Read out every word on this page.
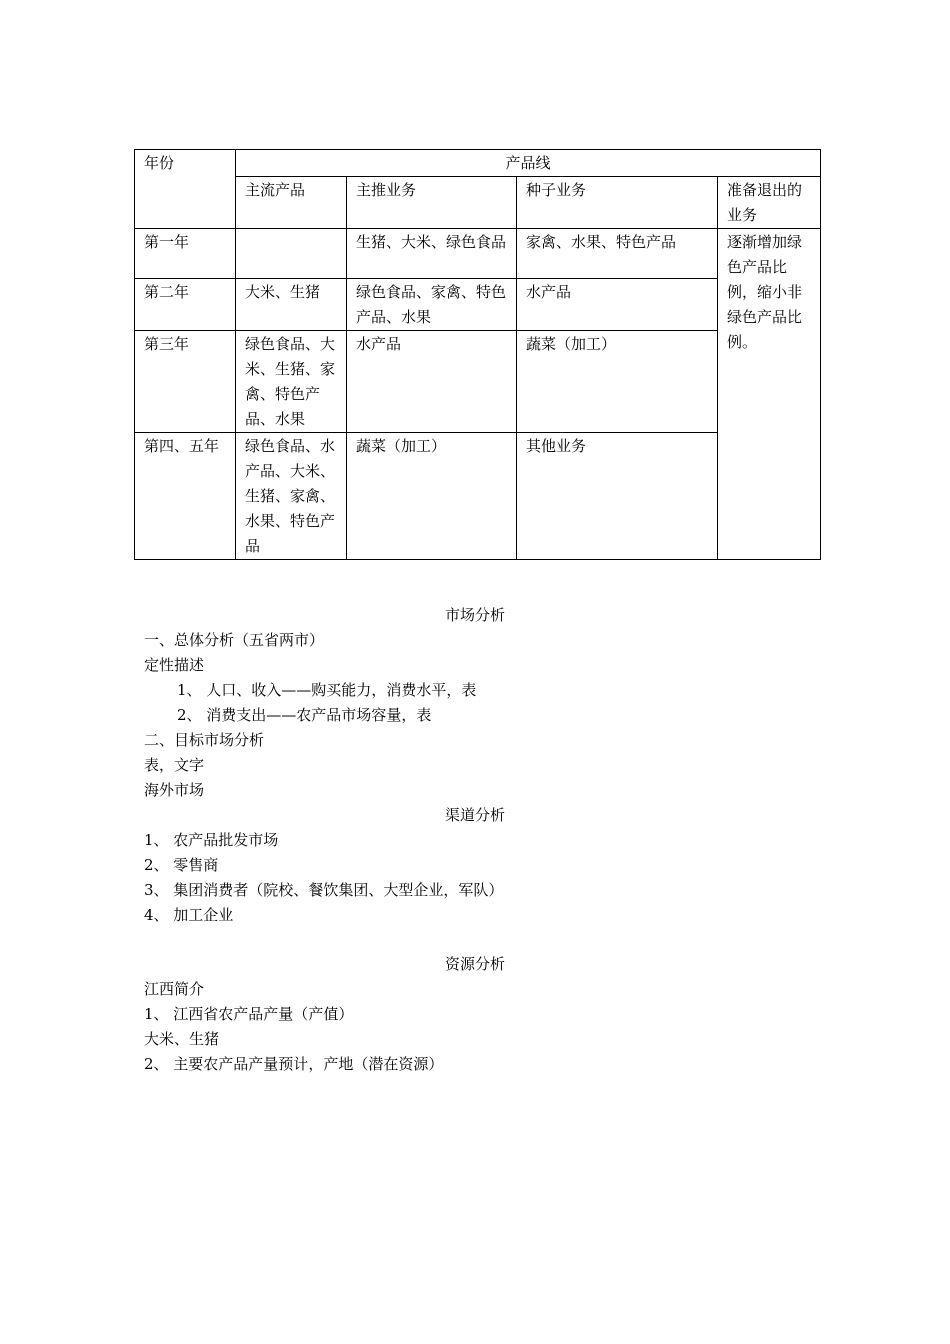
年份	产品线			
	主流产品	主推业务	种子业务	准备退出的业务
第一年		生猪、大米、绿色食品	家禽、水果、特色产品	逐渐增加绿色产品比例，缩小非绿色产品比例。
第二年	大米、生猪	绿色食品、家禽、特色产品、水果	水产品	
第三年	绿色食品、大米、生猪、家禽、特色产品、水果	水产品	蔬菜（加工）	
第四、五年	绿色食品、水产品、大米、生猪、家禽、水果、特色产品	蔬菜（加工）	其他业务	
市场分析
一、总体分析（五省两市）
定性描述
1、 人口、收入——购买能力，消费水平，表
2、 消费支出——农产品市场容量，表
二、目标市场分析
表，文字
海外市场
渠道分析
1、 农产品批发市场
2、 零售商
3、 集团消费者（院校、餐饮集团、大型企业，军队）
4、 加工企业
资源分析
江西简介
1、 江西省农产品产量（产值）
大米、生猪
2、 主要农产品产量预计，产地（潜在资源）
